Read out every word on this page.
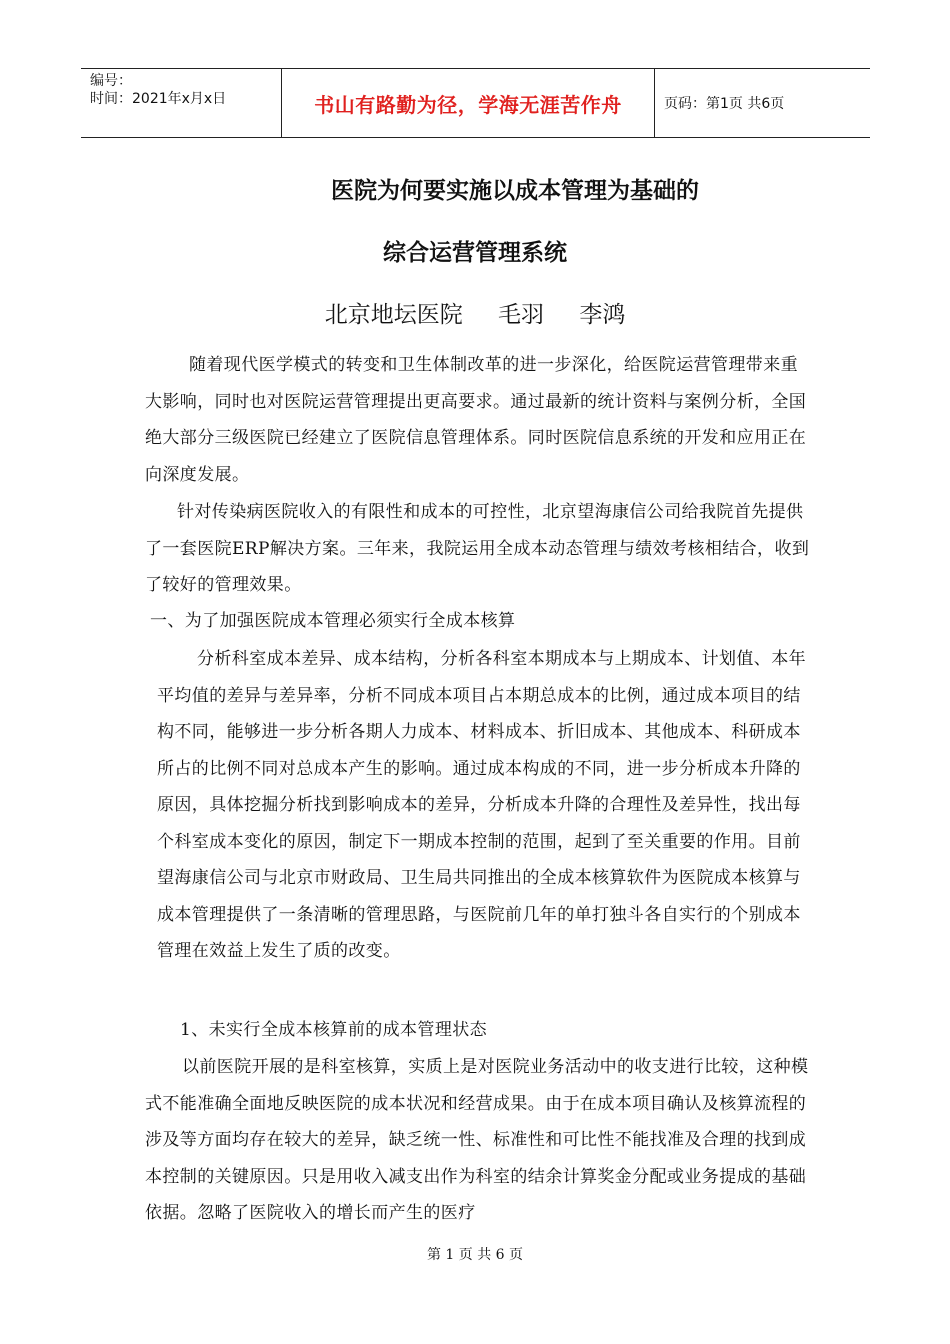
编号：
时间：2021年x月x日	书山有路勤为径，学海无涯苦作舟	页码：第1页 共6页
医院为何要实施以成本管理为基础的
综合运营管理系统
北京地坛医院 毛羽 李鸿
随着现代医学模式的转变和卫生体制改革的进一步深化，给医院运营管理带来重大影响，同时也对医院运营管理提出更高要求。通过最新的统计资料与案例分析，全国绝大部分三级医院已经建立了医院信息管理体系。同时医院信息系统的开发和应用正在向深度发展。
针对传染病医院收入的有限性和成本的可控性，北京望海康信公司给我院首先提供了一套医院ERP解决方案。三年来，我院运用全成本动态管理与绩效考核相结合，收到了较好的管理效果。
一、为了加强医院成本管理必须实行全成本核算
分析科室成本差异、成本结构，分析各科室本期成本与上期成本、计划值、本年平均值的差异与差异率，分析不同成本项目占本期总成本的比例，通过成本项目的结构不同，能够进一步分析各期人力成本、材料成本、折旧成本、其他成本、科研成本所占的比例不同对总成本产生的影响。通过成本构成的不同，进一步分析成本升降的原因，具体挖掘分析找到影响成本的差异，分析成本升降的合理性及差异性，找出每个科室成本变化的原因，制定下一期成本控制的范围，起到了至关重要的作用。目前望海康信公司与北京市财政局、卫生局共同推出的全成本核算软件为医院成本核算与成本管理提供了一条清晰的管理思路，与医院前几年的单打独斗各自实行的个别成本管理在效益上发生了质的改变。
1、未实行全成本核算前的成本管理状态
以前医院开展的是科室核算，实质上是对医院业务活动中的收支进行比较，这种模式不能准确全面地反映医院的成本状况和经营成果。由于在成本项目确认及核算流程的涉及等方面均存在较大的差异，缺乏统一性、标准性和可比性不能找准及合理的找到成本控制的关键原因。只是用收入减支出作为科室的结余计算奖金分配或业务提成的基础依据。忽略了医院收入的增长而产生的医疗
第 1 页 共 6 页
